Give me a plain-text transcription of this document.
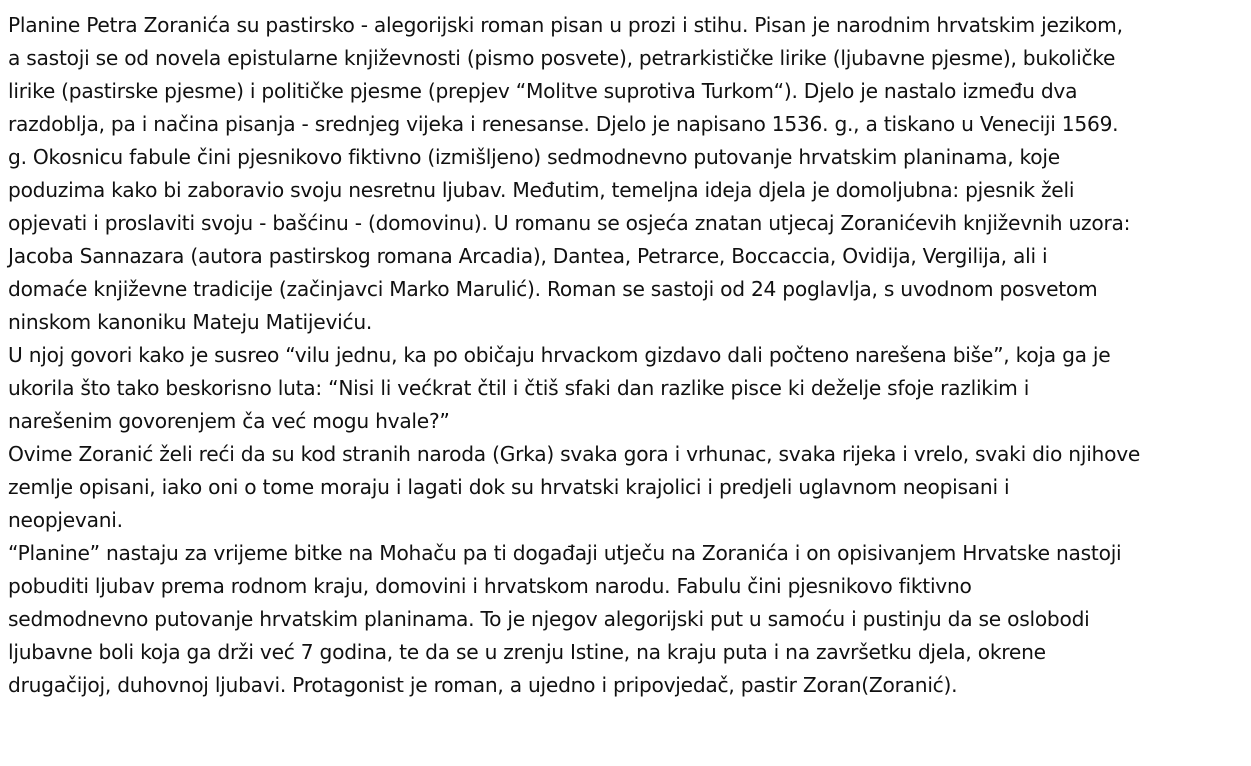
Planine Petra Zoranića su pastirsko - alegorijski roman pisan u prozi i stihu. Pisan je narodnim hrvatskim jezikom,
a sastoji se od novela epistularne književnosti (pismo posvete), petrarkističke lirike (ljubavne pjesme), bukoličke
lirike (pastirske pjesme) i političke pjesme (prepjev “Molitve suprotiva Turkom“). Djelo je nastalo između dva
razdoblja, pa i načina pisanja - srednjeg vijeka i renesanse. Djelo je napisano 1536. g., a tiskano u Veneciji 1569.
g. Okosnicu fabule čini pjesnikovo fiktivno (izmišljeno) sedmodnevno putovanje hrvatskim planinama, koje
poduzima kako bi zaboravio svoju nesretnu ljubav. Međutim, temeljna ideja djela je domoljubna: pjesnik želi
opjevati i proslaviti svoju - bašćinu - (domovinu). U romanu se osjeća znatan utjecaj Zoranićevih književnih uzora:
Jacoba Sannazara (autora pastirskog romana Arcadia), Dantea, Petrarce, Boccaccia, Ovidija, Vergilija, ali i
domaće književne tradicije (začinjavci Marko Marulić). Roman se sastoji od 24 poglavlja, s uvodnom posvetom
ninskom kanoniku Mateju Matijeviću.
U njoj govori kako je susreo “vilu jednu, ka po običaju hrvackom gizdavo dali počteno narešena biše”, koja ga je
ukorila što tako beskorisno luta: “Nisi li većkrat čtil i čtiš sfaki dan razlike pisce ki deželje sfoje razlikim i
narešenim govorenjem ča već mogu hvale?”
Ovime Zoranić želi reći da su kod stranih naroda (Grka) svaka gora i vrhunac, svaka rijeka i vrelo, svaki dio njihove
zemlje opisani, iako oni o tome moraju i lagati dok su hrvatski krajolici i predjeli uglavnom neopisani i
neopjevani.
“Planine” nastaju za vrijeme bitke na Mohaču pa ti događaji utječu na Zoranića i on opisivanjem Hrvatske nastoji
pobuditi ljubav prema rodnom kraju, domovini i hrvatskom narodu. Fabulu čini pjesnikovo fiktivno
sedmodnevno putovanje hrvatskim planinama. To je njegov alegorijski put u samoću i pustinju da se oslobodi
ljubavne boli koja ga drži već 7 godina, te da se u zrenju Istine, na kraju puta i na završetku djela, okrene
drugačijoj, duhovnoj ljubavi. Protagonist je roman, a ujedno i pripovjedač, pastir Zoran(Zoranić).
